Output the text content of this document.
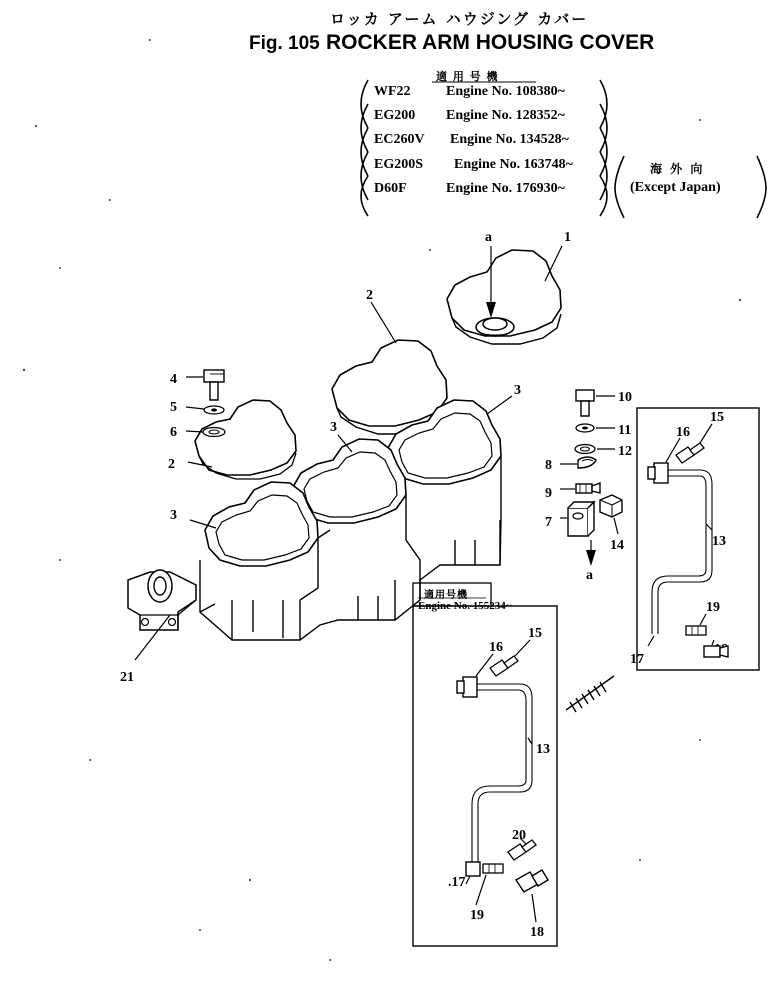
ロッカ アーム ハウジング カバー
Fig. 105 ROCKER ARM HOUSING COVER
適 用 号 機
WF22	Engine No. 108380~
EG200 Engine No. 128352~
EC260V Engine No. 134528~
EG200S Engine No. 163748~
D60F	Engine No. 176930~
海 外 向
(Except Japan)
適用号機
Engine No. 155234~
a
a
1
2
2
3
3
3
4
5
6
7
8
9
10
11
12
13
13
14
15
15
16
16
17
.17
18
19
19
20
21
